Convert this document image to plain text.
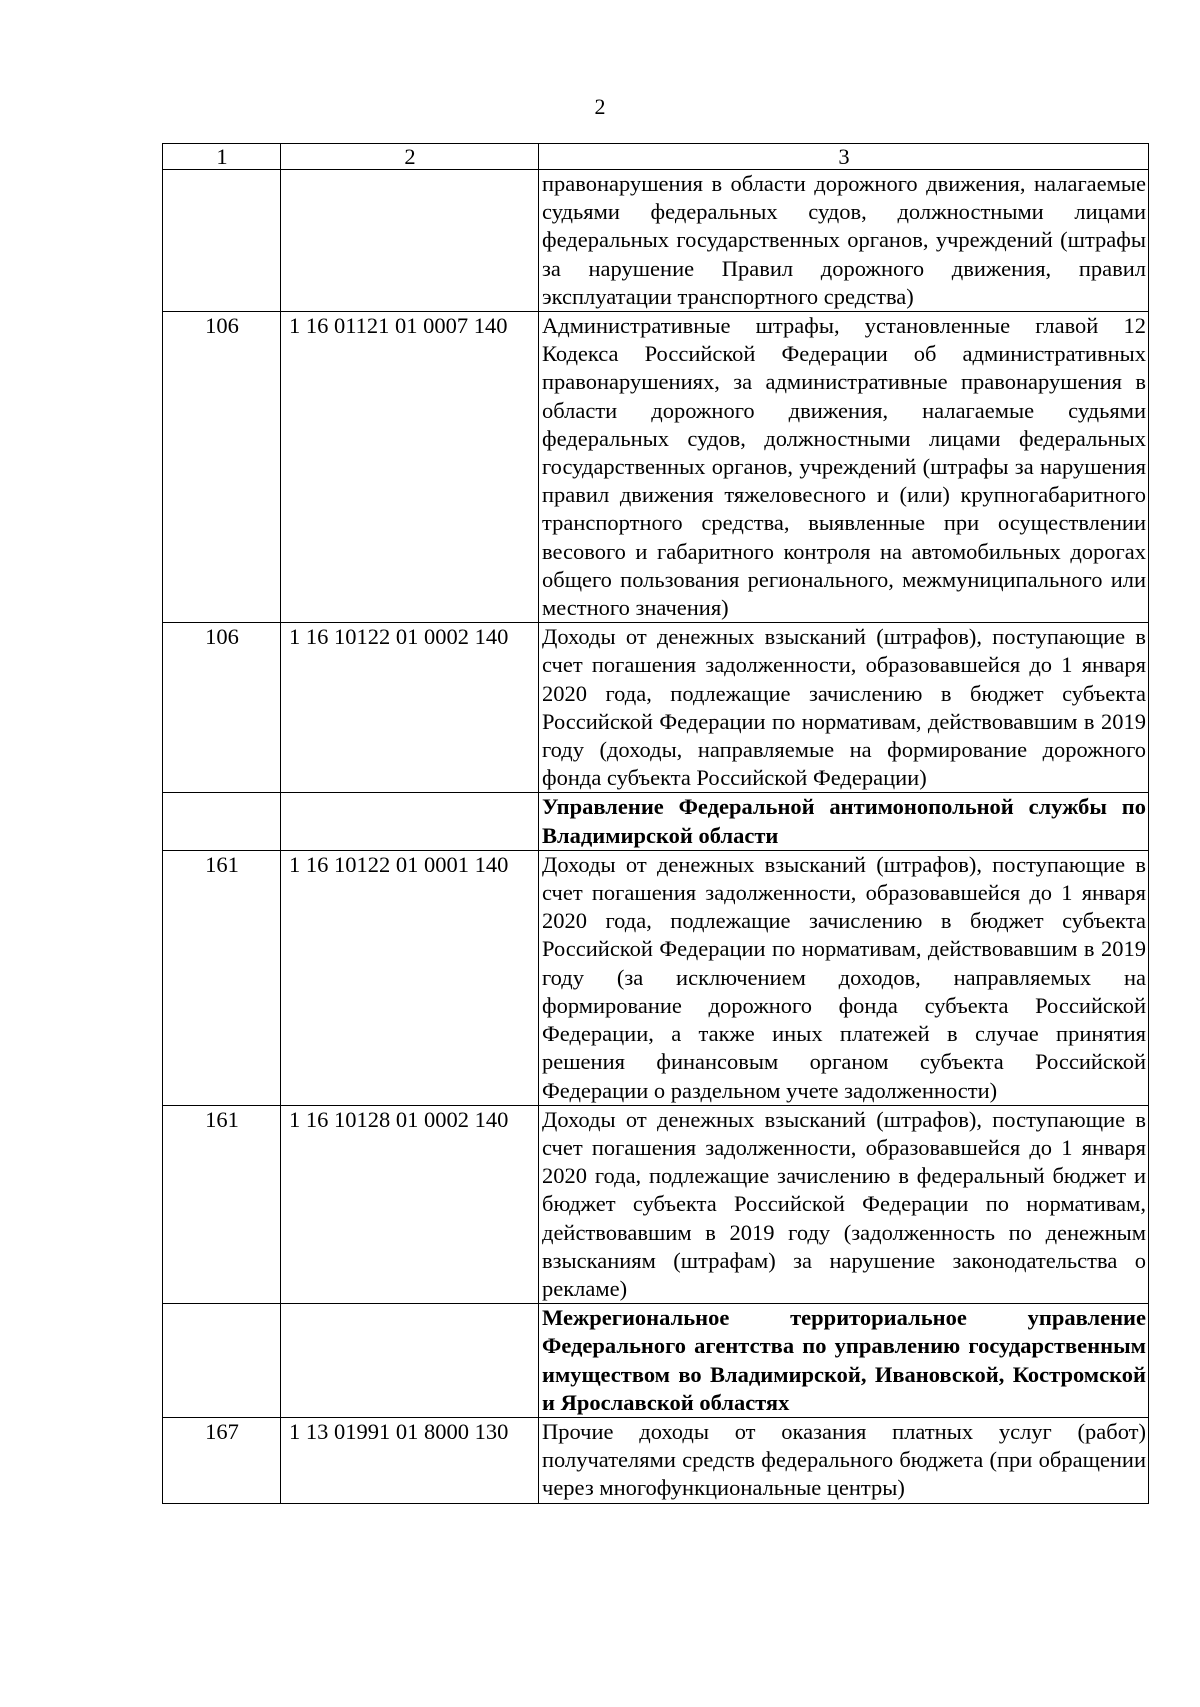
2
1	2	3
		правонарушения в области дорожного движения, налагаемые судьями федеральных судов, должностными лицами федеральных государственных органов, учреждений (штрафы за нарушение Правил дорожного движения, правил эксплуатации транспортного средства)
106	1 16 01121 01 0007 140	Административные штрафы, установленные главой 12 Кодекса Российской Федерации об административных правонарушениях, за административные правонарушения в области дорожного движения, налагаемые судьями федеральных судов, должностными лицами федеральных государственных органов, учреждений (штрафы за нарушения правил движения тяжеловесного и (или) крупногабаритного транспортного средства, выявленные при осуществлении весового и габаритного контроля на автомобильных дорогах общего пользования регионального, межмуниципального или местного значения)
106	1 16 10122 01 0002 140	Доходы от денежных взысканий (штрафов), поступающие в счет погашения задолженности, образовавшейся до 1 января 2020 года, подлежащие зачислению в бюджет субъекта Российской Федерации по нормативам, действовавшим в 2019 году (доходы, направляемые на формирование дорожного фонда субъекта Российской Федерации)
		Управление Федеральной антимонопольной службы по Владимирской области
161	1 16 10122 01 0001 140	Доходы от денежных взысканий (штрафов), поступающие в счет погашения задолженности, образовавшейся до 1 января 2020 года, подлежащие зачислению в бюджет субъекта Российской Федерации по нормативам, действовавшим в 2019 году (за исключением доходов, направляемых на формирование дорожного фонда субъекта Российской Федерации, а также иных платежей в случае принятия решения финансовым органом субъекта Российской Федерации о раздельном учете задолженности)
161	1 16 10128 01 0002 140	Доходы от денежных взысканий (штрафов), поступающие в счет погашения задолженности, образовавшейся до 1 января 2020 года, подлежащие зачислению в федеральный бюджет и бюджет субъекта Российской Федерации по нормативам, действовавшим в 2019 году (задолженность по денежным взысканиям (штрафам) за нарушение законодательства о рекламе)
		Межрегиональное территориальное управление Федерального агентства по управлению государственным имуществом во Владимирской, Ивановской, Костромской и Ярославской областях
167	1 13 01991 01 8000 130	Прочие доходы от оказания платных услуг (работ) получателями средств федерального бюджета (при обращении через многофункциональные центры)
